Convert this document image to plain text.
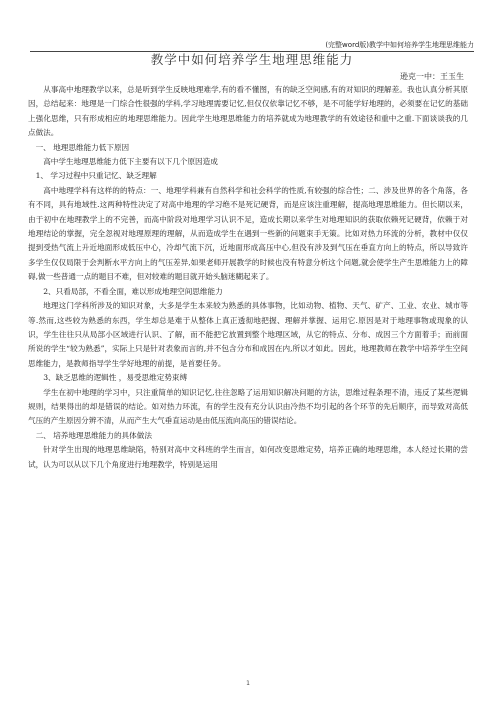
(完整word版)教学中如何培养学生地理思维能力
教学中如何培养学生地理思维能力
逊克一中：王玉生

从事高中地理教学以来，总是听到学生反映地理难学,有的看不懂图，有的缺乏空间感,有的对知识的理解差。我也认真分析其原因，总结起来：地理是一门综合性很强的学科,学习地理需要记忆,但仅仅依靠记忆不够，是不可能学好地理的，必须要在记忆的基础上强化思维，只有形成相应的地理思维能力。因此学生地理思维能力的培养就成为地理教学的有效途径和重中之重.下面谈谈我的几点做法。

一、 地理思维能力低下原因

高中学生地理思维能力低下主要有以下几个原因造成

1、 学习过程中只重记忆、缺乏理解

高中地理学科有这样的的特点：一、地理学科兼有自然科学和社会科学的性质,有较强的综合性；二、涉及世界的各个角落，各有不同，具有地域性.这两种特性决定了对高中地理的学习绝不是死记硬背，而是应该注重理解，提高地理思维能力。但长期以来，由于初中在地理教学上的不完善，而高中阶段对地理学习认识不足，造成长期以来学生对地理知识的获取依赖死记硬背，依赖于对地理结论的掌握，完全忽视对地理原理的理解，从而造成学生在遇到一些新的问题束手无策。比如对热力环流的分析，教材中仅仅提到受热气流上升近地面形成低压中心，冷却气流下沉，近地面形成高压中心,但没有涉及到气压在垂直方向上的特点，所以导致许多学生仅仅局限于会判断水平方向上的气压差异,如果老师开展教学的时候也没有特意分析这个问题,就会使学生产生思维能力上的障碍,做一些普通一点的题目不难，但对较难的题目就开始头脑迷糊起来了。

2、只看局部，不看全面，难以形成地理空间思维能力

地理这门学科所涉及的知识对象，大多是学生本来较为熟悉的具体事物，比如动物、植物、天气、矿产、工业、农业、城市等等.然而,这些较为熟悉的东西，学生却总是难于从整体上真正透彻地把握、理解并掌握、运用它.原因是对于地理事物或现象的认识，学生往往只从局部小区域进行认识、了解，而不能把它放置到整个地理区域，从它的特点、分布、成因三个方面着手；而前面所说的学生“较为熟悉”，实际上只是针对表象而言的,并不包含分布和成因在内,所以才如此。因此，地理教师在教学中培养学生空间思维能力，是教师指导学生学好地理的前提，是首要任务。

3、缺乏思维的逻辑性 ，易受思维定势束缚

学生在初中地理的学习中，只注重简单的知识记忆,往往忽略了运用知识解决问题的方法，思维过程条理不清，违反了某些逻辑规则，结果得出的却是错误的结论。如对热力环流，有的学生没有充分认识由冷热不均引起的各个环节的先后顺序，而导致对高低气压的产生原因分辨不清，从而产生大气垂直运动是由低压流向高压的错误结论。

二、 培养地理思维能力的具体做法

针对学生出现的地理思维缺陷，特别对高中文科班的学生而言，如何改变思维定势，培养正确的地理思维，本人经过长期的尝试，认为可以从以下几个角度进行地理教学，特别是运用

1
